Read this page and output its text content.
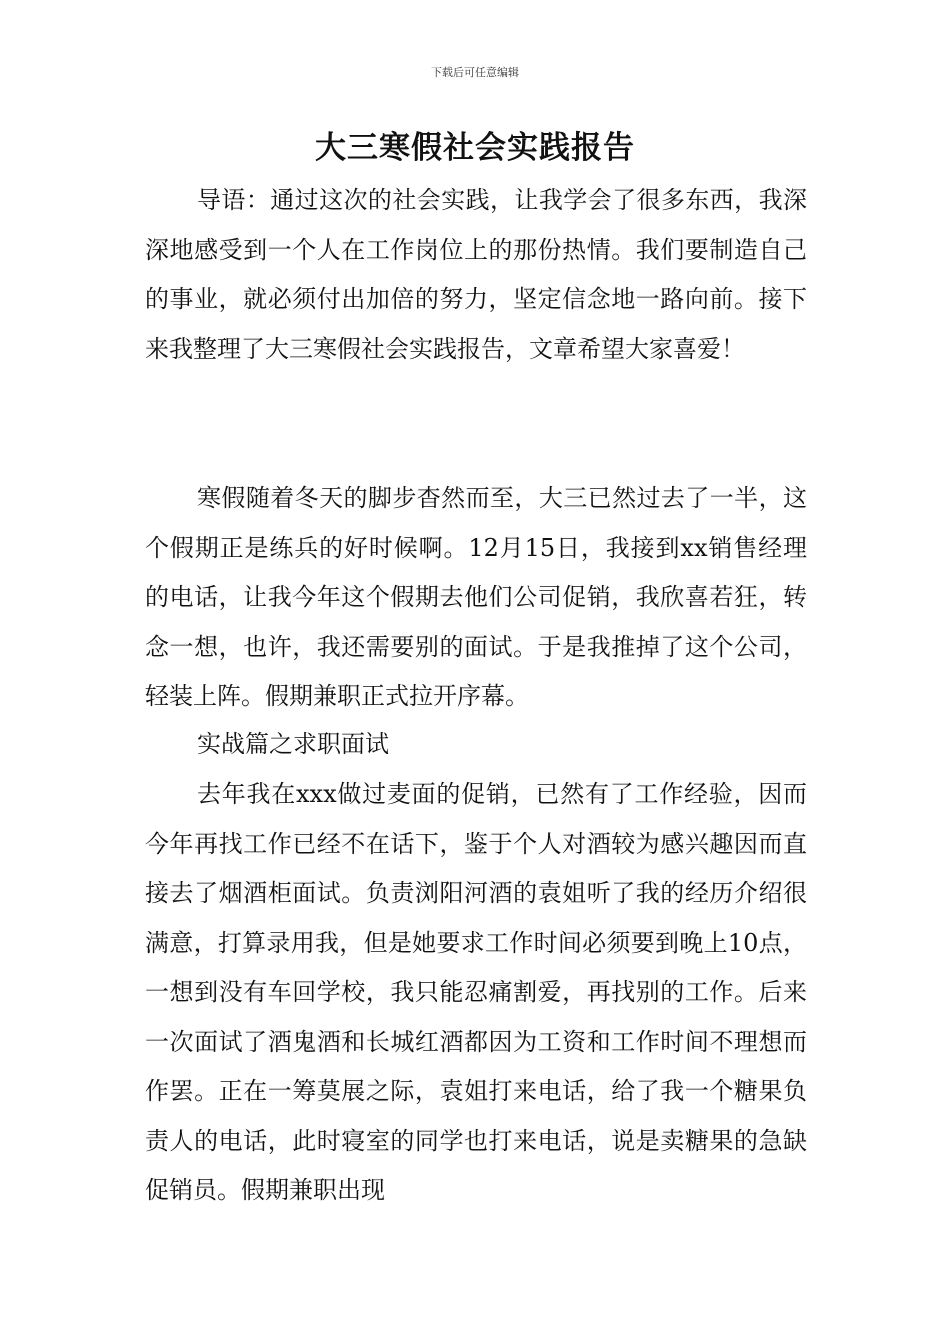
下载后可任意编辑
大三寒假社会实践报告

导语：通过这次的社会实践，让我学会了很多东西，我深深地感受到一个人在工作岗位上的那份热情。我们要制造自己的事业，就必须付出加倍的努力，坚定信念地一路向前。接下来我整理了大三寒假社会实践报告，文章希望大家喜爱！

寒假随着冬天的脚步杳然而至，大三已然过去了一半，这个假期正是练兵的好时候啊。12月15日，我接到xx销售经理的电话，让我今年这个假期去他们公司促销，我欣喜若狂，转念一想，也许，我还需要别的面试。于是我推掉了这个公司，轻装上阵。假期兼职正式拉开序幕。

实战篇之求职面试

去年我在xxx做过麦面的促销，已然有了工作经验，因而今年再找工作已经不在话下，鉴于个人对酒较为感兴趣因而直接去了烟酒柜面试。负责浏阳河酒的袁姐听了我的经历介绍很满意，打算录用我，但是她要求工作时间必须要到晚上10点，一想到没有车回学校，我只能忍痛割爱，再找别的工作。后来一次面试了酒鬼酒和长城红酒都因为工资和工作时间不理想而作罢。正在一筹莫展之际，袁姐打来电话，给了我一个糖果负责人的电话，此时寝室的同学也打来电话，说是卖糖果的急缺促销员。假期兼职出现
